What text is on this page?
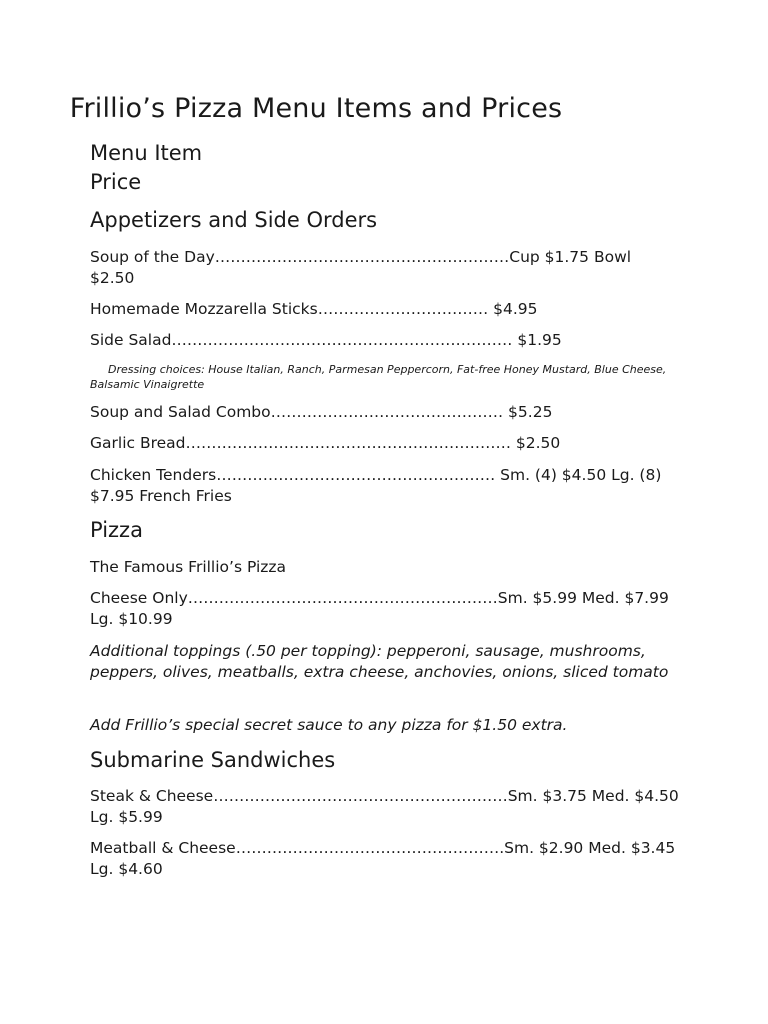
Frillio’s Pizza Menu Items and Prices
Menu Item
Price
Appetizers and Side Orders
Soup of the Day…………………………………………………Cup $1.75 Bowl $2.50
Homemade Mozzarella Sticks…………………………… $4.95
Side Salad………………………………………………………… $1.95
Dressing choices: House Italian, Ranch, Parmesan Peppercorn, Fat-free Honey Mustard, Blue Cheese, Balsamic Vinaigrette
Soup and Salad Combo……………………………………… $5.25
Garlic Bread……………………………………………………… $2.50
Chicken Tenders……………………………………………… Sm. (4) $4.50 Lg. (8) $7.95 French Fries
Pizza
The Famous Frillio’s Pizza
Cheese Only……………………………………………………Sm. $5.99 Med. $7.99 Lg. $10.99
Additional toppings (.50 per topping): pepperoni, sausage, mushrooms, peppers, olives, meatballs, extra cheese, anchovies, onions, sliced tomato
Add Frillio’s special secret sauce to any pizza for $1.50 extra.
Submarine Sandwiches
Steak & Cheese…………………………………………………Sm. $3.75 Med. $4.50 Lg. $5.99
Meatball & Cheese…………………………………………….Sm. $2.90 Med. $3.45 Lg. $4.60
